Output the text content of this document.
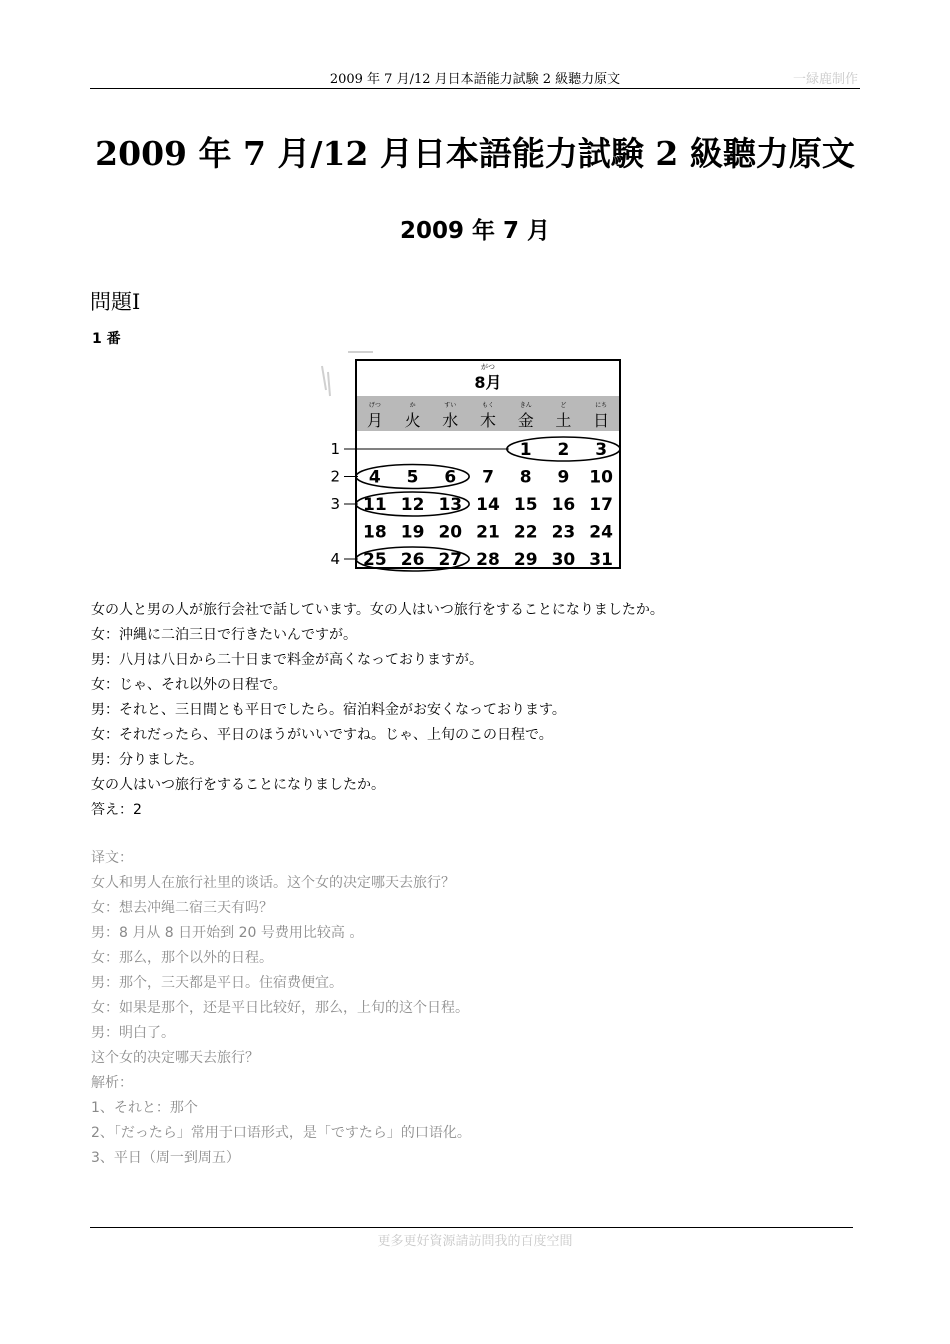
2009 年 7 月/12 月日本語能力試験 2 級聽力原文	一緑鹿制作
2009 年 7 月/12 月日本語能力試験 2 級聽力原文
2009 年 7 月
問題Ⅰ
1 番
がつ
8月
げつ
月
か
火
すい
水
もく
木
きん
金
ど
土
にち
日
1 2 3
4 5 6 7 8 9 10
11 12 13 14 15 16 17
18 19 20 21 22 23 24
25 26 27 28 29 30 31
1
2
3
4
女の人と男の人が旅行会社で話しています。女の人はいつ旅行をすることになりましたか。
女：沖縄に二泊三日で行きたいんですが。
男：八月は八日から二十日まで料金が高くなっておりますが。
女：じゃ、それ以外の日程で。
男：それと、三日間とも平日でしたら。宿泊料金がお安くなっております。
女：それだったら、平日のほうがいいですね。じゃ、上旬のこの日程で。
男：分りました。
女の人はいつ旅行をすることになりましたか。
答え：2
译文：
女人和男人在旅行社里的谈话。这个女的决定哪天去旅行？
女：想去冲绳二宿三天有吗？
男：8 月从 8 日开始到 20 号费用比较高 。
女：那么，那个以外的日程。
男：那个，三天都是平日。住宿费便宜。
女：如果是那个，还是平日比较好，那么，上旬的这个日程。
男：明白了。
这个女的决定哪天去旅行？
解析：
1、それと：那个
2、「だったら」常用于口语形式，是「ですたら」的口语化。
3、平日（周一到周五）
更多更好資源請訪問我的百度空間
